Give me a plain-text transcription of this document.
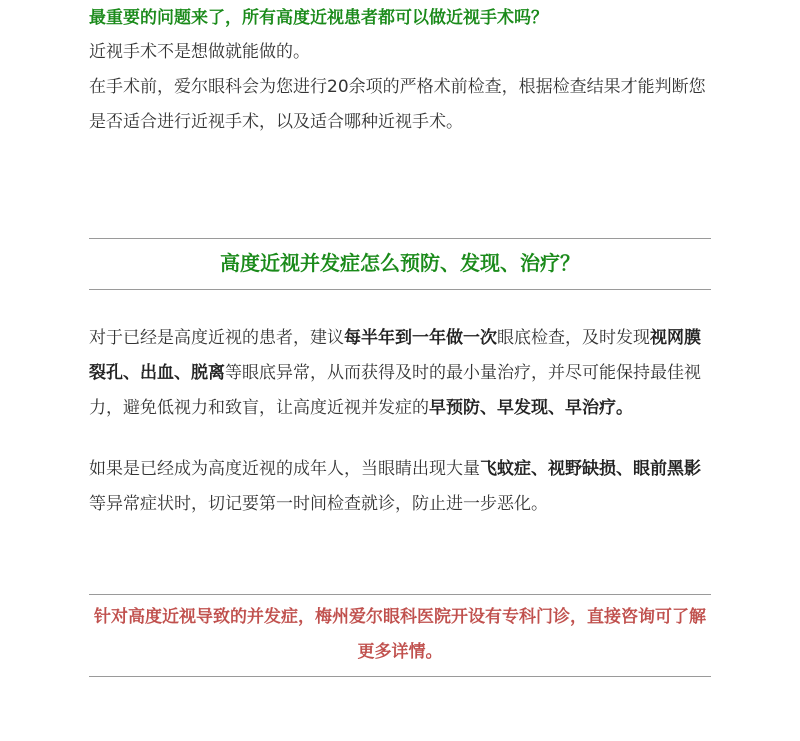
最重要的问题来了，所有高度近视患者都可以做近视手术吗？

近视手术不是想做就能做的。

在手术前，爱尔眼科会为您进行20余项的严格术前检查，根据检查结果才能判断您是否适合进行近视手术，以及适合哪种近视手术。

高度近视并发症怎么预防、发现、治疗？

对于已经是高度近视的患者，建议每半年到一年做一次眼底检查，及时发现视网膜裂孔、出血、脱离等眼底异常，从而获得及时的最小量治疗，并尽可能保持最佳视力，避免低视力和致盲，让高度近视并发症的早预防、早发现、早治疗。

如果是已经成为高度近视的成年人，当眼睛出现大量飞蚊症、视野缺损、眼前黑影等异常症状时，切记要第一时间检查就诊，防止进一步恶化。

针对高度近视导致的并发症，梅州爱尔眼科医院开设有专科门诊，直接咨询可了解更多详情。
